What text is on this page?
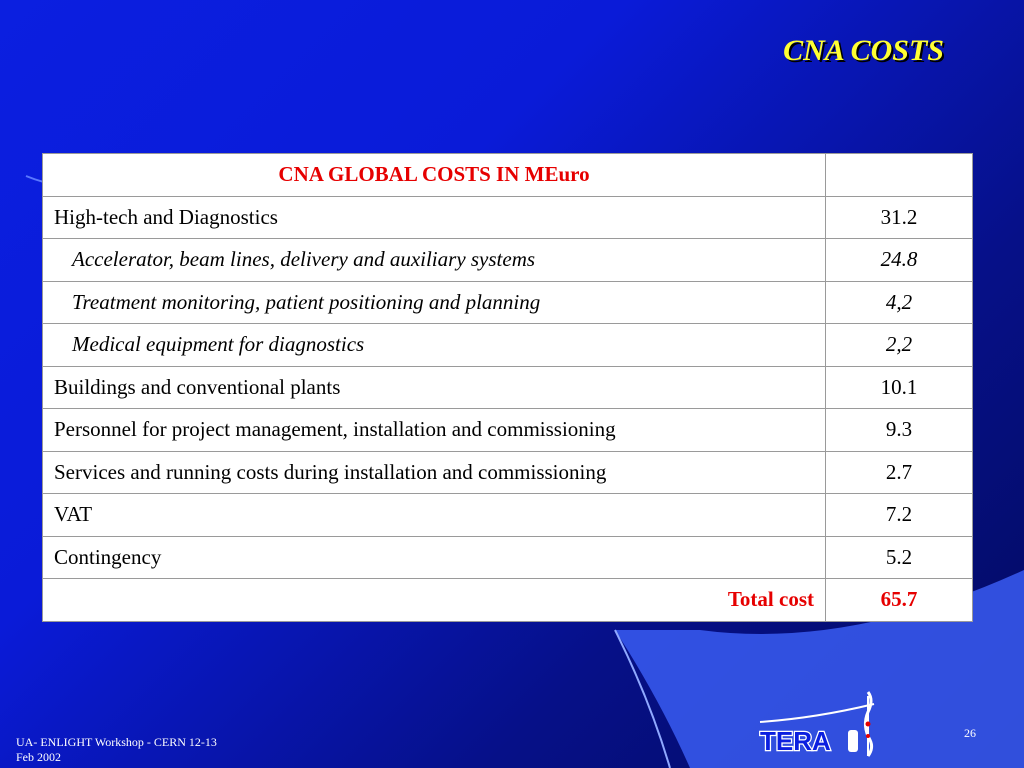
CNA COSTS
CNA GLOBAL COSTS IN MEuro	
High-tech and Diagnostics	31.2
Accelerator, beam lines, delivery and auxiliary systems	24.8
Treatment monitoring, patient positioning and planning	4,2
Medical equipment for diagnostics	2,2
Buildings and conventional plants	10.1
Personnel for project management, installation and commissioning	9.3
Services and running costs during installation and commissioning	2.7
VAT	7.2
Contingency	5.2
Total cost	65.7
TERA	26
UA- ENLIGHT Workshop - CERN 12-13
Feb 2002
